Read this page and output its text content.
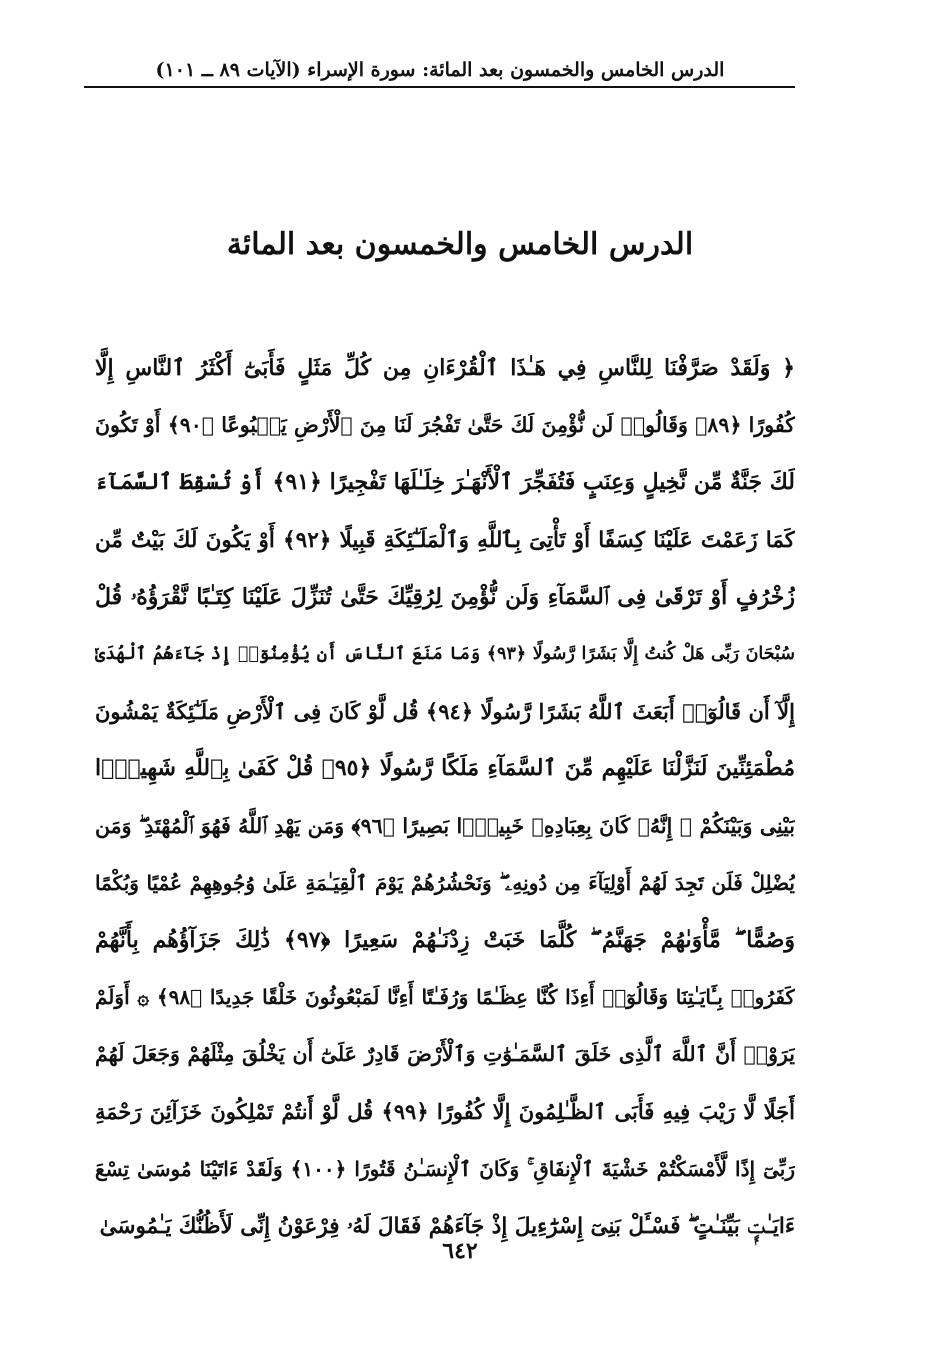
الدرس الخامس والخمسون بعد المائة: سورة الإسراء (الآيات ٨٩ ــ ١٠١)
الدرس الخامس والخمسون بعد المائة
﴿ وَلَقَدْ صَرَّفْنَا لِلنَّاسِ فِي هَـٰذَا ٱلْقُرْءَانِ مِن كُلِّ مَثَلٍ فَأَبَىٰٓ أَكْثَرُ ٱلنَّاسِ إِلَّا
كُفُورًا ﴿٨٩﴾ وَقَالُوا۟ لَن نُّؤْمِنَ لَكَ حَتَّىٰ تَفْجُرَ لَنَا مِنَ ٱلْأَرْضِ يَنۢبُوعًا ﴿٩٠﴾ أَوْ تَكُونَ
لَكَ جَنَّةٌ مِّن نَّخِيلٍ وَعِنَبٍ فَتُفَجِّرَ ٱلْأَنْهَـٰرَ خِلَـٰلَهَا تَفْجِيرًا ﴿٩١﴾ أَوْ تُسْقِطَ ٱلسَّمَآءَ
كَمَا زَعَمْتَ عَلَيْنَا كِسَفًا أَوْ تَأْتِىَ بِٱللَّهِ وَٱلْمَلَـٰٓئِكَةِ قَبِيلًا ﴿٩٢﴾ أَوْ يَكُونَ لَكَ بَيْتٌ مِّن
زُخْرُفٍ أَوْ تَرْقَىٰ فِى ٱلسَّمَآءِ وَلَن نُّؤْمِنَ لِرُقِيِّكَ حَتَّىٰ تُنَزِّلَ عَلَيْنَا كِتَـٰبًا نَّقْرَؤُهُۥ قُلْ
سُبْحَانَ رَبِّى هَلْ كُنتُ إِلَّا بَشَرًا رَّسُولًا ﴿٩٣﴾ وَمَا مَنَعَ ٱلنَّاسَ أَن يُؤْمِنُوٓا۟ إِذْ جَآءَهُمُ ٱلْهُدَىٰٓ
إِلَّآ أَن قَالُوٓا۟ أَبَعَثَ ٱللَّهُ بَشَرًا رَّسُولًا ﴿٩٤﴾ قُل لَّوْ كَانَ فِى ٱلْأَرْضِ مَلَـٰٓئِكَةٌ يَمْشُونَ
مُطْمَئِنِّينَ لَنَزَّلْنَا عَلَيْهِم مِّنَ ٱلسَّمَآءِ مَلَكًا رَّسُولًا ﴿٩٥﴾ قُلْ كَفَىٰ بِٱللَّهِ شَهِيدًۢا
بَيْنِى وَبَيْنَكُمْ ۚ إِنَّهُۥ كَانَ بِعِبَادِهِۦ خَبِيرًۢا بَصِيرًا ﴿٩٦﴾ وَمَن يَهْدِ ٱللَّهُ فَهُوَ ٱلْمُهْتَدِ ۖ وَمَن
يُضْلِلْ فَلَن تَجِدَ لَهُمْ أَوْلِيَآءَ مِن دُونِهِۦ ۖ وَنَحْشُرُهُمْ يَوْمَ ٱلْقِيَـٰمَةِ عَلَىٰ وُجُوهِهِمْ عُمْيًا وَبُكْمًا
وَصُمًّا ۖ مَّأْوَىٰهُمْ جَهَنَّمُ ۖ كُلَّمَا خَبَتْ زِدْنَـٰهُمْ سَعِيرًا ﴿٩٧﴾ ذَٰلِكَ جَزَآؤُهُم بِأَنَّهُمْ
كَفَرُوا۟ بِـَٔايَـٰتِنَا وَقَالُوٓا۟ أَءِذَا كُنَّا عِظَـٰمًا وَرُفَـٰتًا أَءِنَّا لَمَبْعُوثُونَ خَلْقًا جَدِيدًا ﴿٩٨﴾ ۞ أَوَلَمْ
يَرَوْا۟ أَنَّ ٱللَّهَ ٱلَّذِى خَلَقَ ٱلسَّمَـٰوَٰتِ وَٱلْأَرْضَ قَادِرٌ عَلَىٰٓ أَن يَخْلُقَ مِثْلَهُمْ وَجَعَلَ لَهُمْ
أَجَلًا لَّا رَيْبَ فِيهِ فَأَبَى ٱلظَّـٰلِمُونَ إِلَّا كُفُورًا ﴿٩٩﴾ قُل لَّوْ أَنتُمْ تَمْلِكُونَ خَزَآئِنَ رَحْمَةِ
رَبِّىٓ إِذًا لَّأَمْسَكْتُمْ خَشْيَةَ ٱلْإِنفَاقِ ۚ وَكَانَ ٱلْإِنسَـٰنُ قَتُورًا ﴿١٠٠﴾ وَلَقَدْ ءَاتَيْنَا مُوسَىٰ تِسْعَ
ءَايَـٰتٍۭ بَيِّنَـٰتٍ ۖ فَسْـَٔلْ بَنِىٓ إِسْرَٰٓءِيلَ إِذْ جَآءَهُمْ فَقَالَ لَهُۥ فِرْعَوْنُ إِنِّى لَأَظُنُّكَ يَـٰمُوسَىٰ
٦٤٢
